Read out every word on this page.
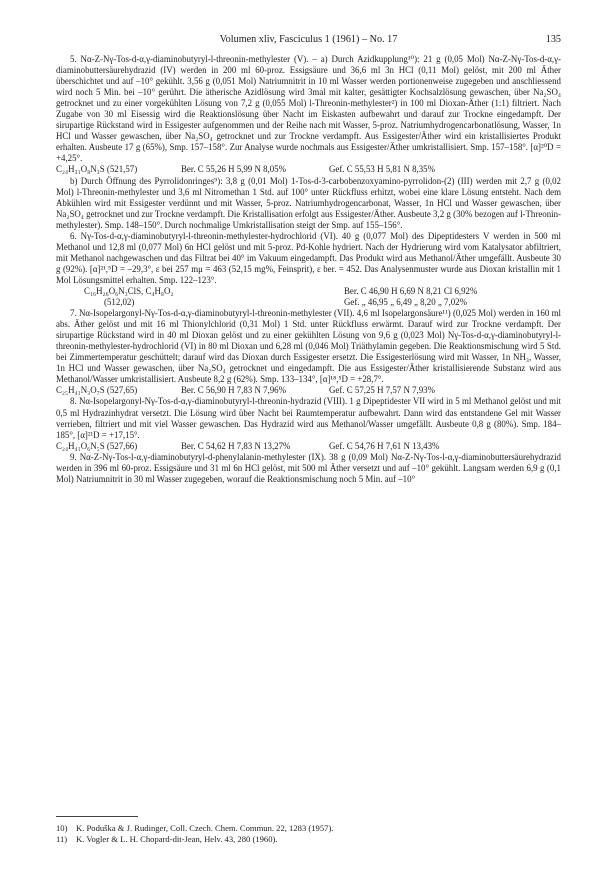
Volumen xliv, Fasciculus 1 (1961) – No. 17	135

5. Nα-Z-Nγ-Tos-d-α,γ-diaminobutyryl-l-threonin-methylester (V). – a) Durch Azidkupplung¹⁰): 21 g (0,05 Mol) Nα-Z-Nγ-Tos-d-α,γ-diaminobuttersäurehydrazid (IV) werden in 200 ml 60-proz. Essigsäure und 36,6 ml 3n HCl (0,11 Mol) gelöst, mit 200 ml Äther überschichtet und auf –10° gekühlt. 3,56 g (0,051 Mol) Natriumnitrit in 10 ml Wasser werden portionenweise zugegeben und anschliessend wird noch 5 Min. bei –10° gerührt. Die ätherische Azidlösung wird 3mal mit kalter, gesättigter Kochsalzlösung gewaschen, über Na₂SO₄ getrocknet und zu einer vorgekühlten Lösung von 7,2 g (0,055 Mol) l-Threonin-methylester²) in 100 ml Dioxan-Äther (1:1) filtriert. Nach Zugabe von 30 ml Eisessig wird die Reaktionslösung über Nacht im Eiskasten aufbewahrt und darauf zur Trockne eingedampft. Der sirupartige Rückstand wird in Essigester aufgenommen und der Reihe nach mit Wasser, 5-proz. Natriumhydrogencarbonatlösung, Wasser, 1n HCl und Wasser gewaschen, über Na₂SO₄ getrocknet und zur Trockne verdampft. Aus Essigester/Äther wird ein kristallisiertes Produkt erhalten. Ausbeute 17 g (65%), Smp. 157–158°. Zur Analyse wurde nochmals aus Essigester/Äther umkristallisiert. Smp. 157–158°. [α]²⁰D = +4,25°.

C₂₄H₃₁O₈N₃S (521,57)	Ber. C 55,26 H 5,99 N 8,05%	Gef. C 55,53 H 5,81 N 8,35%

b) Durch Öffnung des Pyrrolidonringes⁹): 3,8 g (0,01 Mol) 1-Tos-d-3-carbobenzoxyamino-pyrrolidon-(2) (III) werden mit 2,7 g (0,02 Mol) l-Threonin-methylester und 3,6 ml Nitromethan 1 Std. auf 100° unter Rückfluss erhitzt, wobei eine klare Lösung entsteht. Nach dem Abkühlen wird mit Essigester verdünnt und mit Wasser, 5-proz. Natriumhydrogencarbonat, Wasser, 1n HCl und Wasser gewaschen, über Na₂SO₄ getrocknet und zur Trockne verdampft. Die Kristallisation erfolgt aus Essigester/Äther. Ausbeute 3,2 g (30% bezogen auf l-Threonin-methylester). Smp. 148–150°. Durch nochmalige Umkristallisation steigt der Smp. auf 155–156°.

6. Nγ-Tos-d-α,γ-diaminobutyryl-l-threonin-methylester-hydrochlorid (VI). 40 g (0,077 Mol) des Dipeptidesters V werden in 500 ml Methanol und 12,8 ml (0,077 Mol) 6n HCl gelöst und mit 5-proz. Pd-Kohle hydriert. Nach der Hydrierung wird vom Katalysator abfiltriert, mit Methanol nachgewaschen und das Filtrat bei 40° im Vakuum eingedampft. Das Produkt wird aus Methanol/Äther umgefällt. Ausbeute 30 g (92%). [α]²¹,⁵D = –29,3°, ε bei 257 mμ = 463 (52,15 mg%, Feinsprit), ε ber. = 452. Das Analysenmuster wurde aus Dioxan kristallin mit 1 Mol Lösungsmittel erhalten. Smp. 122–123°.

C₁₆H₂₆O₆N₃ClS, C₄H₈O₂	Ber. C 46,90 H 6,69 N 8,21 Cl 6,92%
(512,02)	Gef. „ 46,95 „ 6,49 „ 8,20 „ 7,02%

7. Nα-Isopelargonyl-Nγ-Tos-d-α,γ-diaminobutyryl-l-threonin-methylester (VII). 4,6 ml Isopelargonsäure¹¹) (0,025 Mol) werden in 160 ml abs. Äther gelöst und mit 16 ml Thionylchlorid (0,31 Mol) 1 Std. unter Rückfluss erwärmt. Darauf wird zur Trockne verdampft. Der sirupartige Rückstand wird in 40 ml Dioxan gelöst und zu einer gekühlten Lösung von 9,6 g (0,023 Mol) Nγ-Tos-d-α,γ-diaminobutyryl-l-threonin-methylester-hydrochlorid (VI) in 80 ml Dioxan und 6,28 ml (0,046 Mol) Triäthylamin gegeben. Die Reaktionsmischung wird 5 Std. bei Zimmertemperatur geschüttelt; darauf wird das Dioxan durch Essigester ersetzt. Die Essigesterlösung wird mit Wasser, 1n NH₃, Wasser, 1n HCl und Wasser gewaschen, über Na₂SO₄ getrocknet und eingedampft. Die aus Essigester/Äther kristallisierende Substanz wird aus Methanol/Wasser umkristallisiert. Ausbeute 8,2 g (62%). Smp. 133–134°, [α]¹⁸,⁵D = +28,7°.

C₂₅H₄₁N₃O₇S (527,65)	Ber. C 56,90 H 7,83 N 7,96%	Gef. C 57,25 H 7,57 N 7,93%

8. Nα-Isopelargonyl-Nγ-Tos-d-α,γ-diaminobutyryl-l-threonin-hydrazid (VIII). 1 g Dipeptidester VII wird in 5 ml Methanol gelöst und mit 0,5 ml Hydrazinhydrat versetzt. Die Lösung wird über Nacht bei Raumtemperatur aufbewahrt. Dann wird das entstandene Gel mit Wasser verrieben, filtriert und mit viel Wasser gewaschen. Das Hydrazid wird aus Methanol/Wasser umgefällt. Ausbeute 0,8 g (80%). Smp. 184–185°, [α]²¹D = +17,15°.

C₂₄H₄₁O₆N₅S (527,66)	Ber. C 54,62 H 7,83 N 13,27%	Gef. C 54,76 H 7,61 N 13,43%

9. Nα-Z-Nγ-Tos-l-α,γ-diaminobutyryl-d-phenylalanin-methylester (IX). 38 g (0,09 Mol) Nα-Z-Nγ-Tos-l-α,γ-diaminobuttersäurehydrazid werden in 396 ml 60-proz. Essigsäure und 31 ml 6n HCl gelöst, mit 500 ml Äther versetzt und auf –10° gekühlt. Langsam werden 6,9 g (0,1 Mol) Natriumnitrit in 30 ml Wasser zugegeben, worauf die Reaktionsmischung noch 5 Min. auf –10°

10) K. Poduška & J. Rudinger, Coll. Czech. Chem. Commun. 22, 1283 (1957).
11) K. Vogler & L. H. Chopard-dit-Jean, Helv. 43, 280 (1960).
